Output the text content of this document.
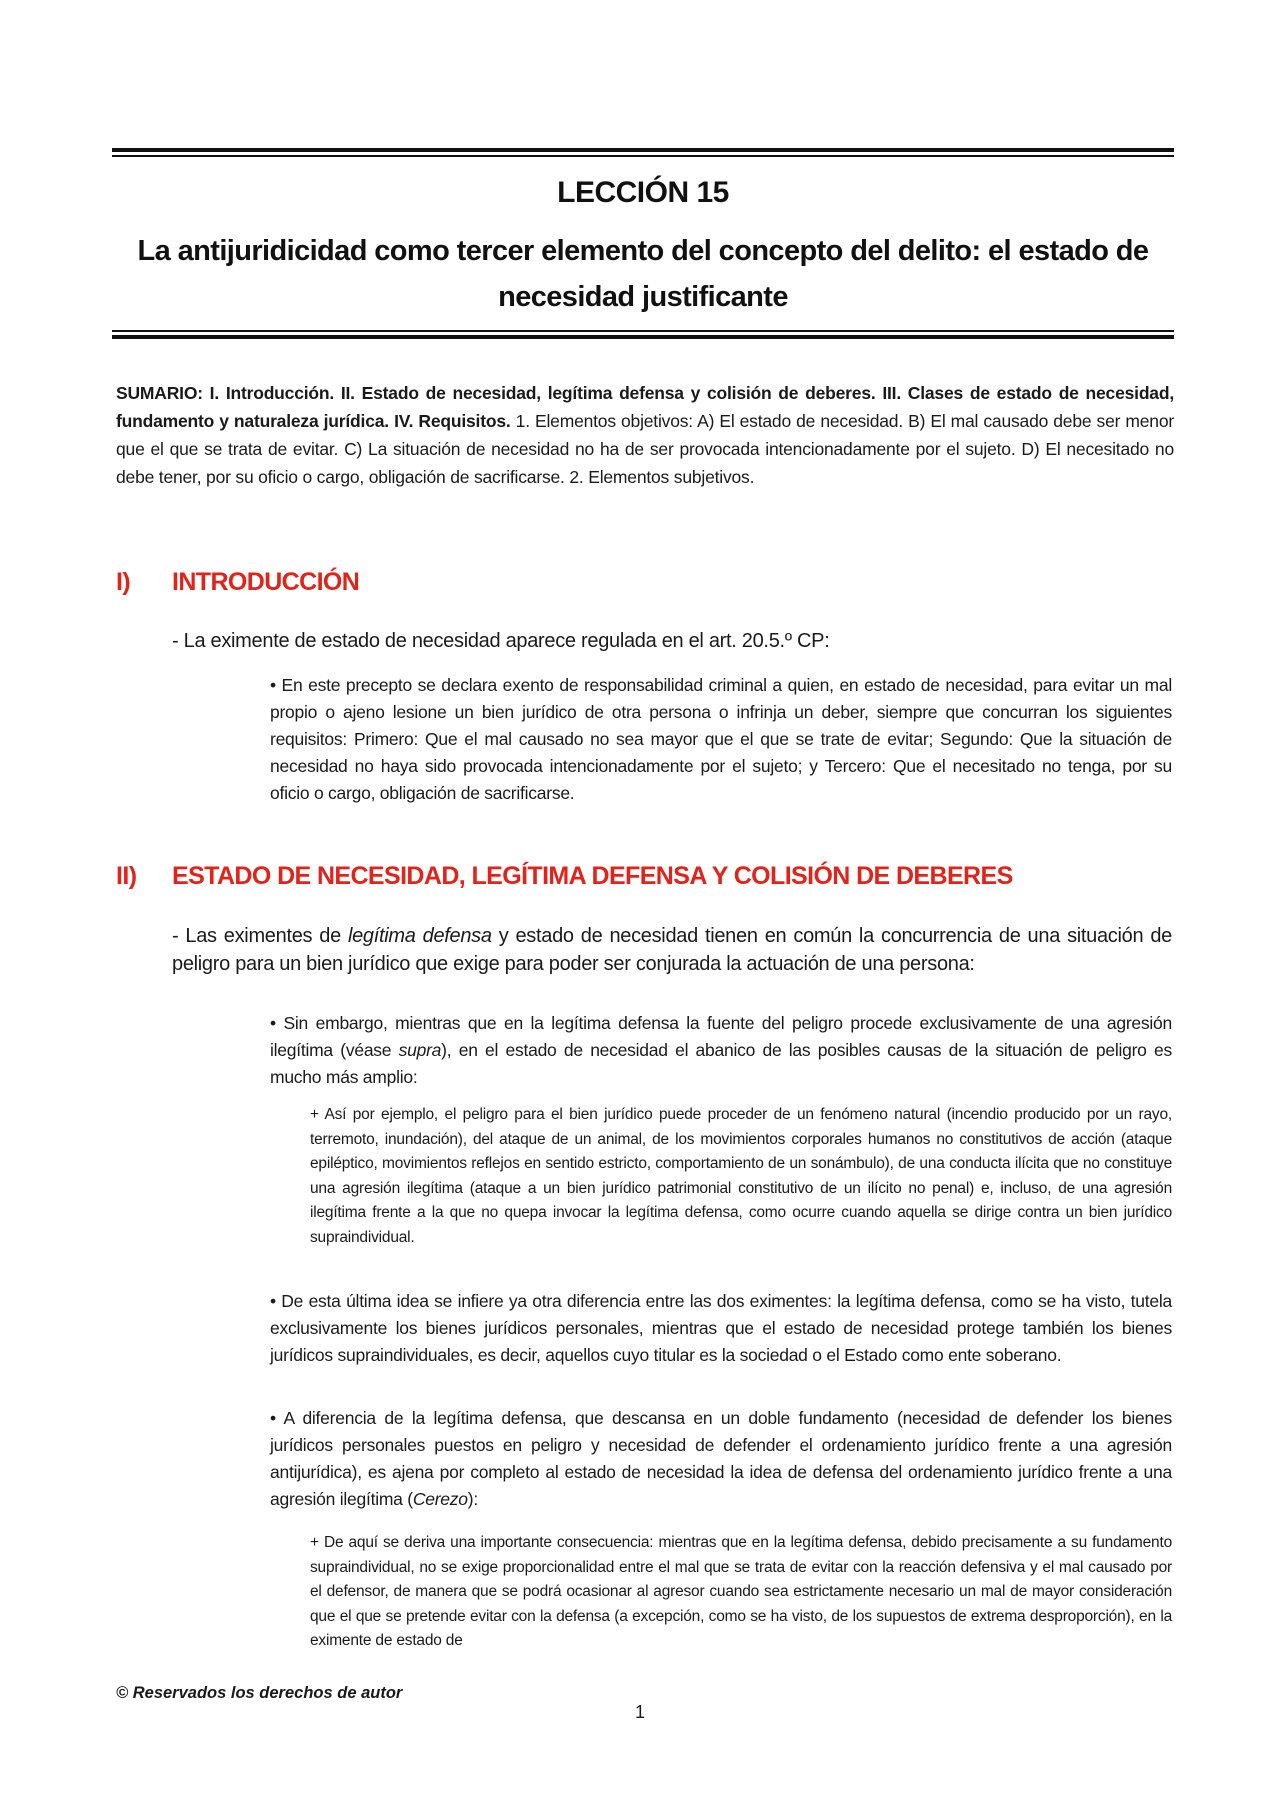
LECCIÓN 15
La antijuridicidad como tercer elemento del concepto del delito: el estado de
necesidad justificante
SUMARIO: I. Introducción. II. Estado de necesidad, legítima defensa y colisión de deberes. III. Clases de estado de necesidad, fundamento y naturaleza jurídica. IV. Requisitos. 1. Elementos objetivos: A) El estado de necesidad. B) El mal causado debe ser menor que el que se trata de evitar. C) La situación de necesidad no ha de ser provocada intencionadamente por el sujeto. D) El necesitado no debe tener, por su oficio o cargo, obligación de sacrificarse. 2. Elementos subjetivos.
I) INTRODUCCIÓN
- La eximente de estado de necesidad aparece regulada en el art. 20.5.º CP:
• En este precepto se declara exento de responsabilidad criminal a quien, en estado de necesidad, para evitar un mal propio o ajeno lesione un bien jurídico de otra persona o infrinja un deber, siempre que concurran los siguientes requisitos: Primero: Que el mal causado no sea mayor que el que se trate de evitar; Segundo: Que la situación de necesidad no haya sido provocada intencionadamente por el sujeto; y Tercero: Que el necesitado no tenga, por su oficio o cargo, obligación de sacrificarse.
II) ESTADO DE NECESIDAD, LEGÍTIMA DEFENSA Y COLISIÓN DE DEBERES
- Las eximentes de legítima defensa y estado de necesidad tienen en común la concurrencia de una situación de peligro para un bien jurídico que exige para poder ser conjurada la actuación de una persona:
• Sin embargo, mientras que en la legítima defensa la fuente del peligro procede exclusivamente de una agresión ilegítima (véase supra), en el estado de necesidad el abanico de las posibles causas de la situación de peligro es mucho más amplio:
+ Así por ejemplo, el peligro para el bien jurídico puede proceder de un fenómeno natural (incendio producido por un rayo, terremoto, inundación), del ataque de un animal, de los movimientos corporales humanos no constitutivos de acción (ataque epiléptico, movimientos reflejos en sentido estricto, comportamiento de un sonámbulo), de una conducta ilícita que no constituye una agresión ilegítima (ataque a un bien jurídico patrimonial constitutivo de un ilícito no penal) e, incluso, de una agresión ilegítima frente a la que no quepa invocar la legítima defensa, como ocurre cuando aquella se dirige contra un bien jurídico supraindividual.
• De esta última idea se infiere ya otra diferencia entre las dos eximentes: la legítima defensa, como se ha visto, tutela exclusivamente los bienes jurídicos personales, mientras que el estado de necesidad protege también los bienes jurídicos supraindividuales, es decir, aquellos cuyo titular es la sociedad o el Estado como ente soberano.
• A diferencia de la legítima defensa, que descansa en un doble fundamento (necesidad de defender los bienes jurídicos personales puestos en peligro y necesidad de defender el ordenamiento jurídico frente a una agresión antijurídica), es ajena por completo al estado de necesidad la idea de defensa del ordenamiento jurídico frente a una agresión ilegítima (Cerezo):
+ De aquí se deriva una importante consecuencia: mientras que en la legítima defensa, debido precisamente a su fundamento supraindividual, no se exige proporcionalidad entre el mal que se trata de evitar con la reacción defensiva y el mal causado por el defensor, de manera que se podrá ocasionar al agresor cuando sea estrictamente necesario un mal de mayor consideración que el que se pretende evitar con la defensa (a excepción, como se ha visto, de los supuestos de extrema desproporción), en la eximente de estado de
© Reservados los derechos de autor
1
